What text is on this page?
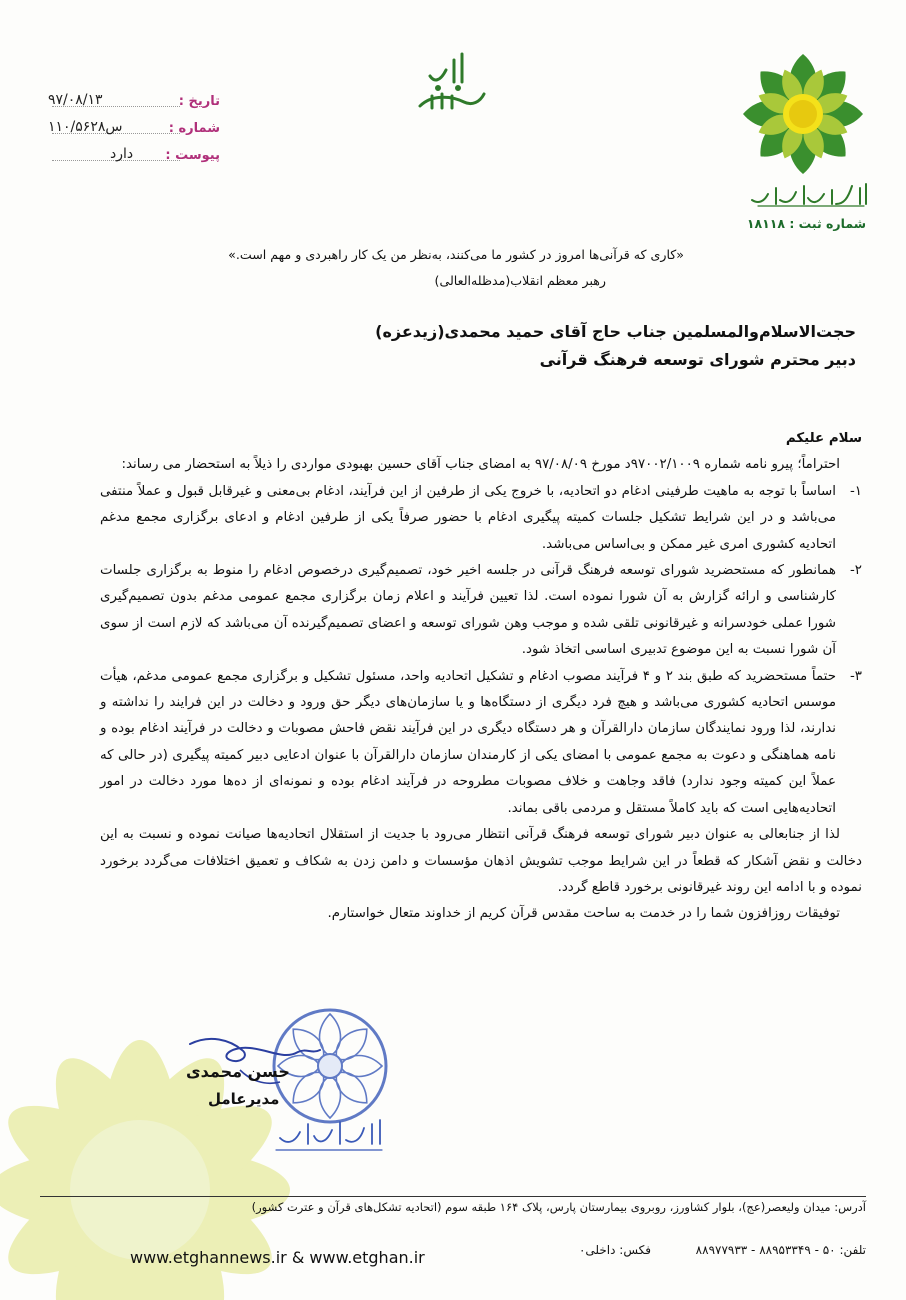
شماره ثبت : ۱۸۱۱۸
تاریخ :
۹۷/۰۸/۱۳
شماره :
۱۱۰/۵۶۲۸س
پیوست :
دارد
«کاری که قرآنی‌ها امروز در کشور ما می‌کنند، به‌نظر من یک کار راهبردی و مهم است.»
رهبر معظم انقلاب(مدظله‌العالی)
حجت‌الاسلام‌والمسلمین جناب حاج آقای حمید محمدی(زیدعزه)
دبیر محترم شورای توسعه فرهنگ قرآنی

سلام علیکم

احتراماً؛ پیرو نامه شماره ۹۷۰۰۲/۱۰۰۹د مورخ ۹۷/۰۸/۰۹ به امضای جناب آقای حسین بهبودی مواردی را ذیلاً به استحضار می رساند:

۱-
اساساً با توجه به ماهیت طرفینی ادغام دو اتحادیه، با خروج یکی از طرفین از این فرآیند، ادغام بی‌معنی و غیرقابل قبول و عملاً منتفی می‌باشد و در این شرایط تشکیل جلسات کمیته پیگیری ادغام با حضور صرفاً یکی از طرفین ادغام و ادعای برگزاری مجمع مدغم اتحادیه کشوری امری غیر ممکن و بی‌اساس می‌باشد.
۲-
همانطور که مستحضرید شورای توسعه فرهنگ قرآنی در جلسه اخیر خود، تصمیم‌گیری درخصوص ادغام را منوط به برگزاری جلسات کارشناسی و ارائه گزارش به آن شورا نموده است. لذا تعیین فرآیند و اعلام زمان برگزاری مجمع عمومی مدغم بدون تصمیم‌گیری شورا عملی خودسرانه و غیرقانونی تلقی شده و موجب وهن شورای توسعه و اعضای تصمیم‌گیرنده آن می‌باشد که لازم است از سوی آن شورا نسبت به این موضوع تدبیری اساسی اتخاذ شود.
۳-
حتماً مستحضرید که طبق بند ۲ و ۴ فرآیند مصوب ادغام و تشکیل اتحادیه واحد، مسئول تشکیل و برگزاری مجمع عمومی مدغم، هیأت موسس اتحادیه کشوری می‌باشد و هیچ فرد دیگری از دستگاه‌ها و یا سازمان‌های دیگر حق ورود و دخالت در این فرایند را نداشته و ندارند، لذا ورود نمایندگان سازمان دارالقرآن و هر دستگاه دیگری در این فرآیند نقض فاحش مصوبات و دخالت در فرآیند ادغام بوده و نامه هماهنگی و دعوت به مجمع عمومی با امضای یکی از کارمندان سازمان دارالقرآن با عنوان ادعایی دبیر کمیته پیگیری (در حالی که عملاً این کمیته وجود ندارد) فاقد وجاهت و خلاف مصوبات مطروحه در فرآیند ادغام بوده و نمونه‌ای از ده‌ها مورد دخالت در امور اتحادیه‌هایی است که باید کاملاً مستقل و مردمی باقی بماند.

لذا از جنابعالی به عنوان دبیر شورای توسعه فرهنگ قرآنی انتظار می‌رود با جدیت از استقلال اتحادیه‌ها صیانت نموده و نسبت به این دخالت و نقض آشکار که قطعاً در این شرایط موجب تشویش اذهان مؤسسات و دامن زدن به شکاف و تعمیق اختلافات می‌گردد برخورد نموده و با ادامه این روند غیرقانونی برخورد قاطع گردد.

توفیقات روزافزون شما را در خدمت به ساحت مقدس قرآن کریم از خداوند متعال خواستارم.

حسن محمدی
مدیرعامل
آدرس: میدان ولیعصر(عج)، بلوار کشاورز، روبروی بیمارستان پارس، پلاک ۱۶۴ طبقه سوم (اتحادیه تشکل‌های قرآن و عترت کشور)
تلفن: ۵۰ - ۸۸۹۵۳۳۴۹ - ۸۸۹۷۷۹۳۳
فکس: داخلی۰
www.etghannews.ir & www.etghan.ir
